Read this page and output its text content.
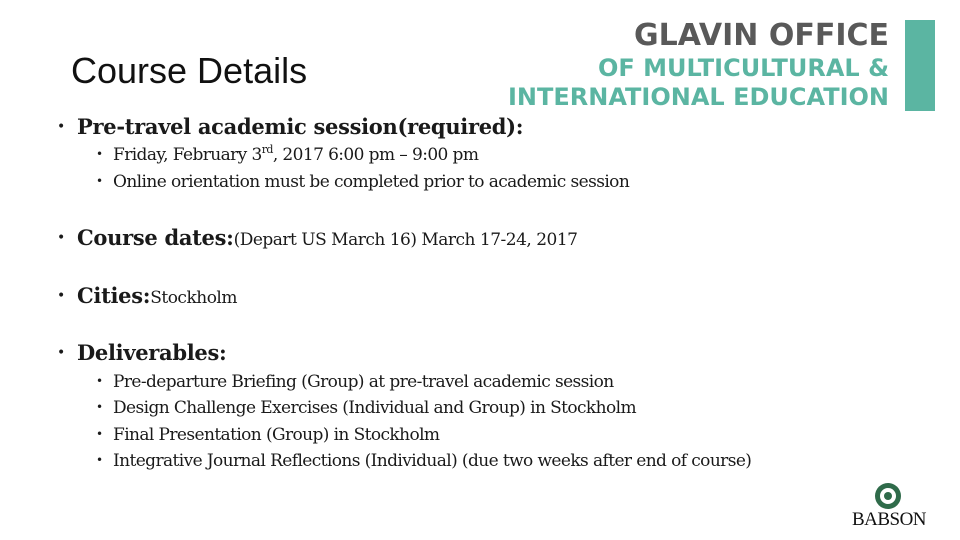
Course Details
GLAVIN OFFICE
OF MULTICULTURAL &
INTERNATIONAL EDUCATION
• Pre-travel academic session(required):
• Friday, February 3rd, 2017 6:00 pm – 9:00 pm
• Online orientation must be completed prior to academic session
• Course dates:(Depart US March 16) March 17-24, 2017
• Cities:Stockholm
• Deliverables:
• Pre-departure Briefing (Group) at pre-travel academic session
• Design Challenge Exercises (Individual and Group) in Stockholm
• Final Presentation (Group) in Stockholm
• Integrative Journal Reflections (Individual) (due two weeks after end of course)
BABSON
